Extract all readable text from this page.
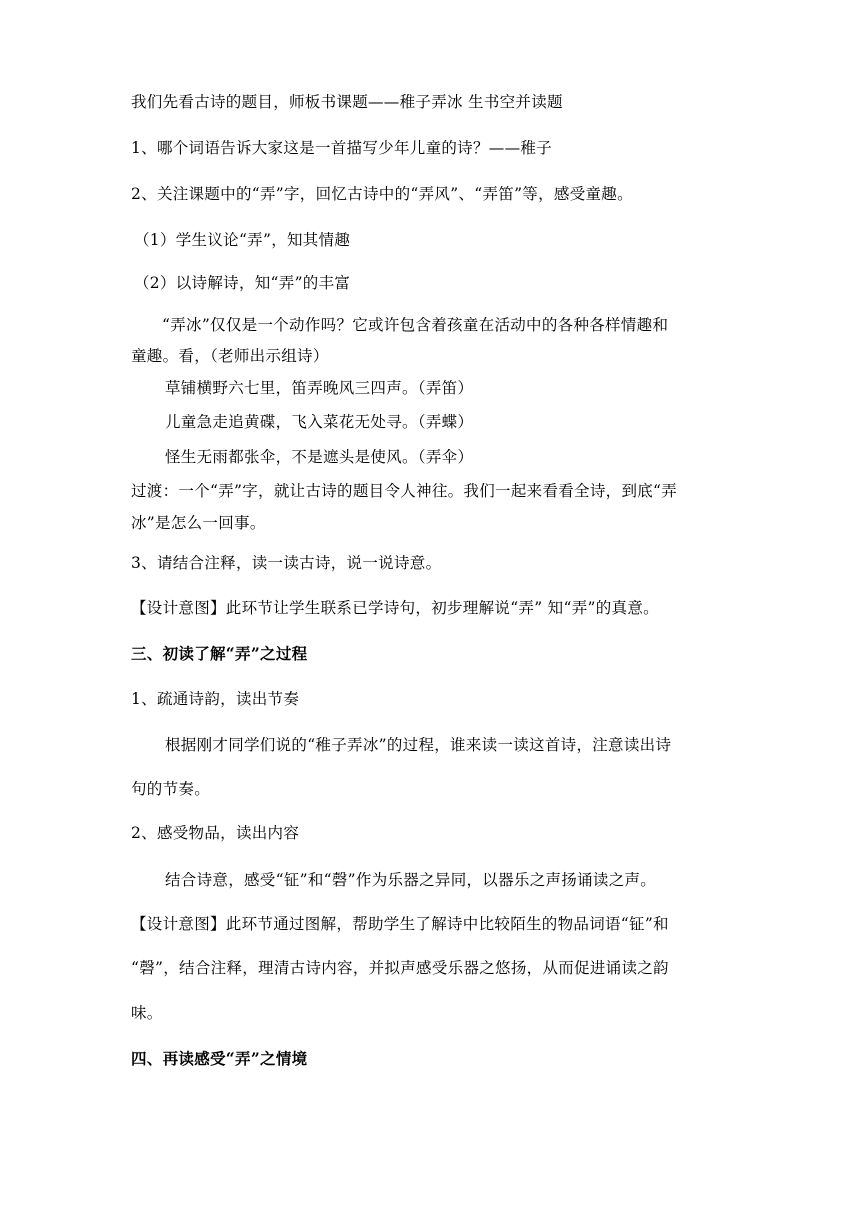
我们先看古诗的题目，师板书课题——稚子弄冰 生书空并读题
1、哪个词语告诉大家这是一首描写少年儿童的诗？——稚子
2、关注课题中的“弄”字，回忆古诗中的“弄风”、“弄笛”等，感受童趣。
（1）学生议论“弄”，知其情趣
（2）以诗解诗，知“弄”的丰富
“弄冰”仅仅是一个动作吗？它或许包含着孩童在活动中的各种各样情趣和
童趣。看，（老师出示组诗）
草铺横野六七里，笛弄晚风三四声。（弄笛）
儿童急走追黄碟，飞入菜花无处寻。（弄蝶）
怪生无雨都张伞，不是遮头是使风。（弄伞）
过渡：一个“弄”字，就让古诗的题目令人神往。我们一起来看看全诗，到底“弄
冰”是怎么一回事。
3、请结合注释，读一读古诗，说一说诗意。
【设计意图】此环节让学生联系已学诗句，初步理解说“弄” 知“弄”的真意。
三、初读了解“弄”之过程
1、疏通诗韵，读出节奏
根据刚才同学们说的“稚子弄冰”的过程，谁来读一读这首诗，注意读出诗
句的节奏。
2、感受物品，读出内容
结合诗意，感受“钲”和“磬”作为乐器之异同，以器乐之声扬诵读之声。
【设计意图】此环节通过图解，帮助学生了解诗中比较陌生的物品词语“钲”和
“磬”，结合注释，理清古诗内容，并拟声感受乐器之悠扬，从而促进诵读之韵
味。
四、再读感受“弄”之情境
